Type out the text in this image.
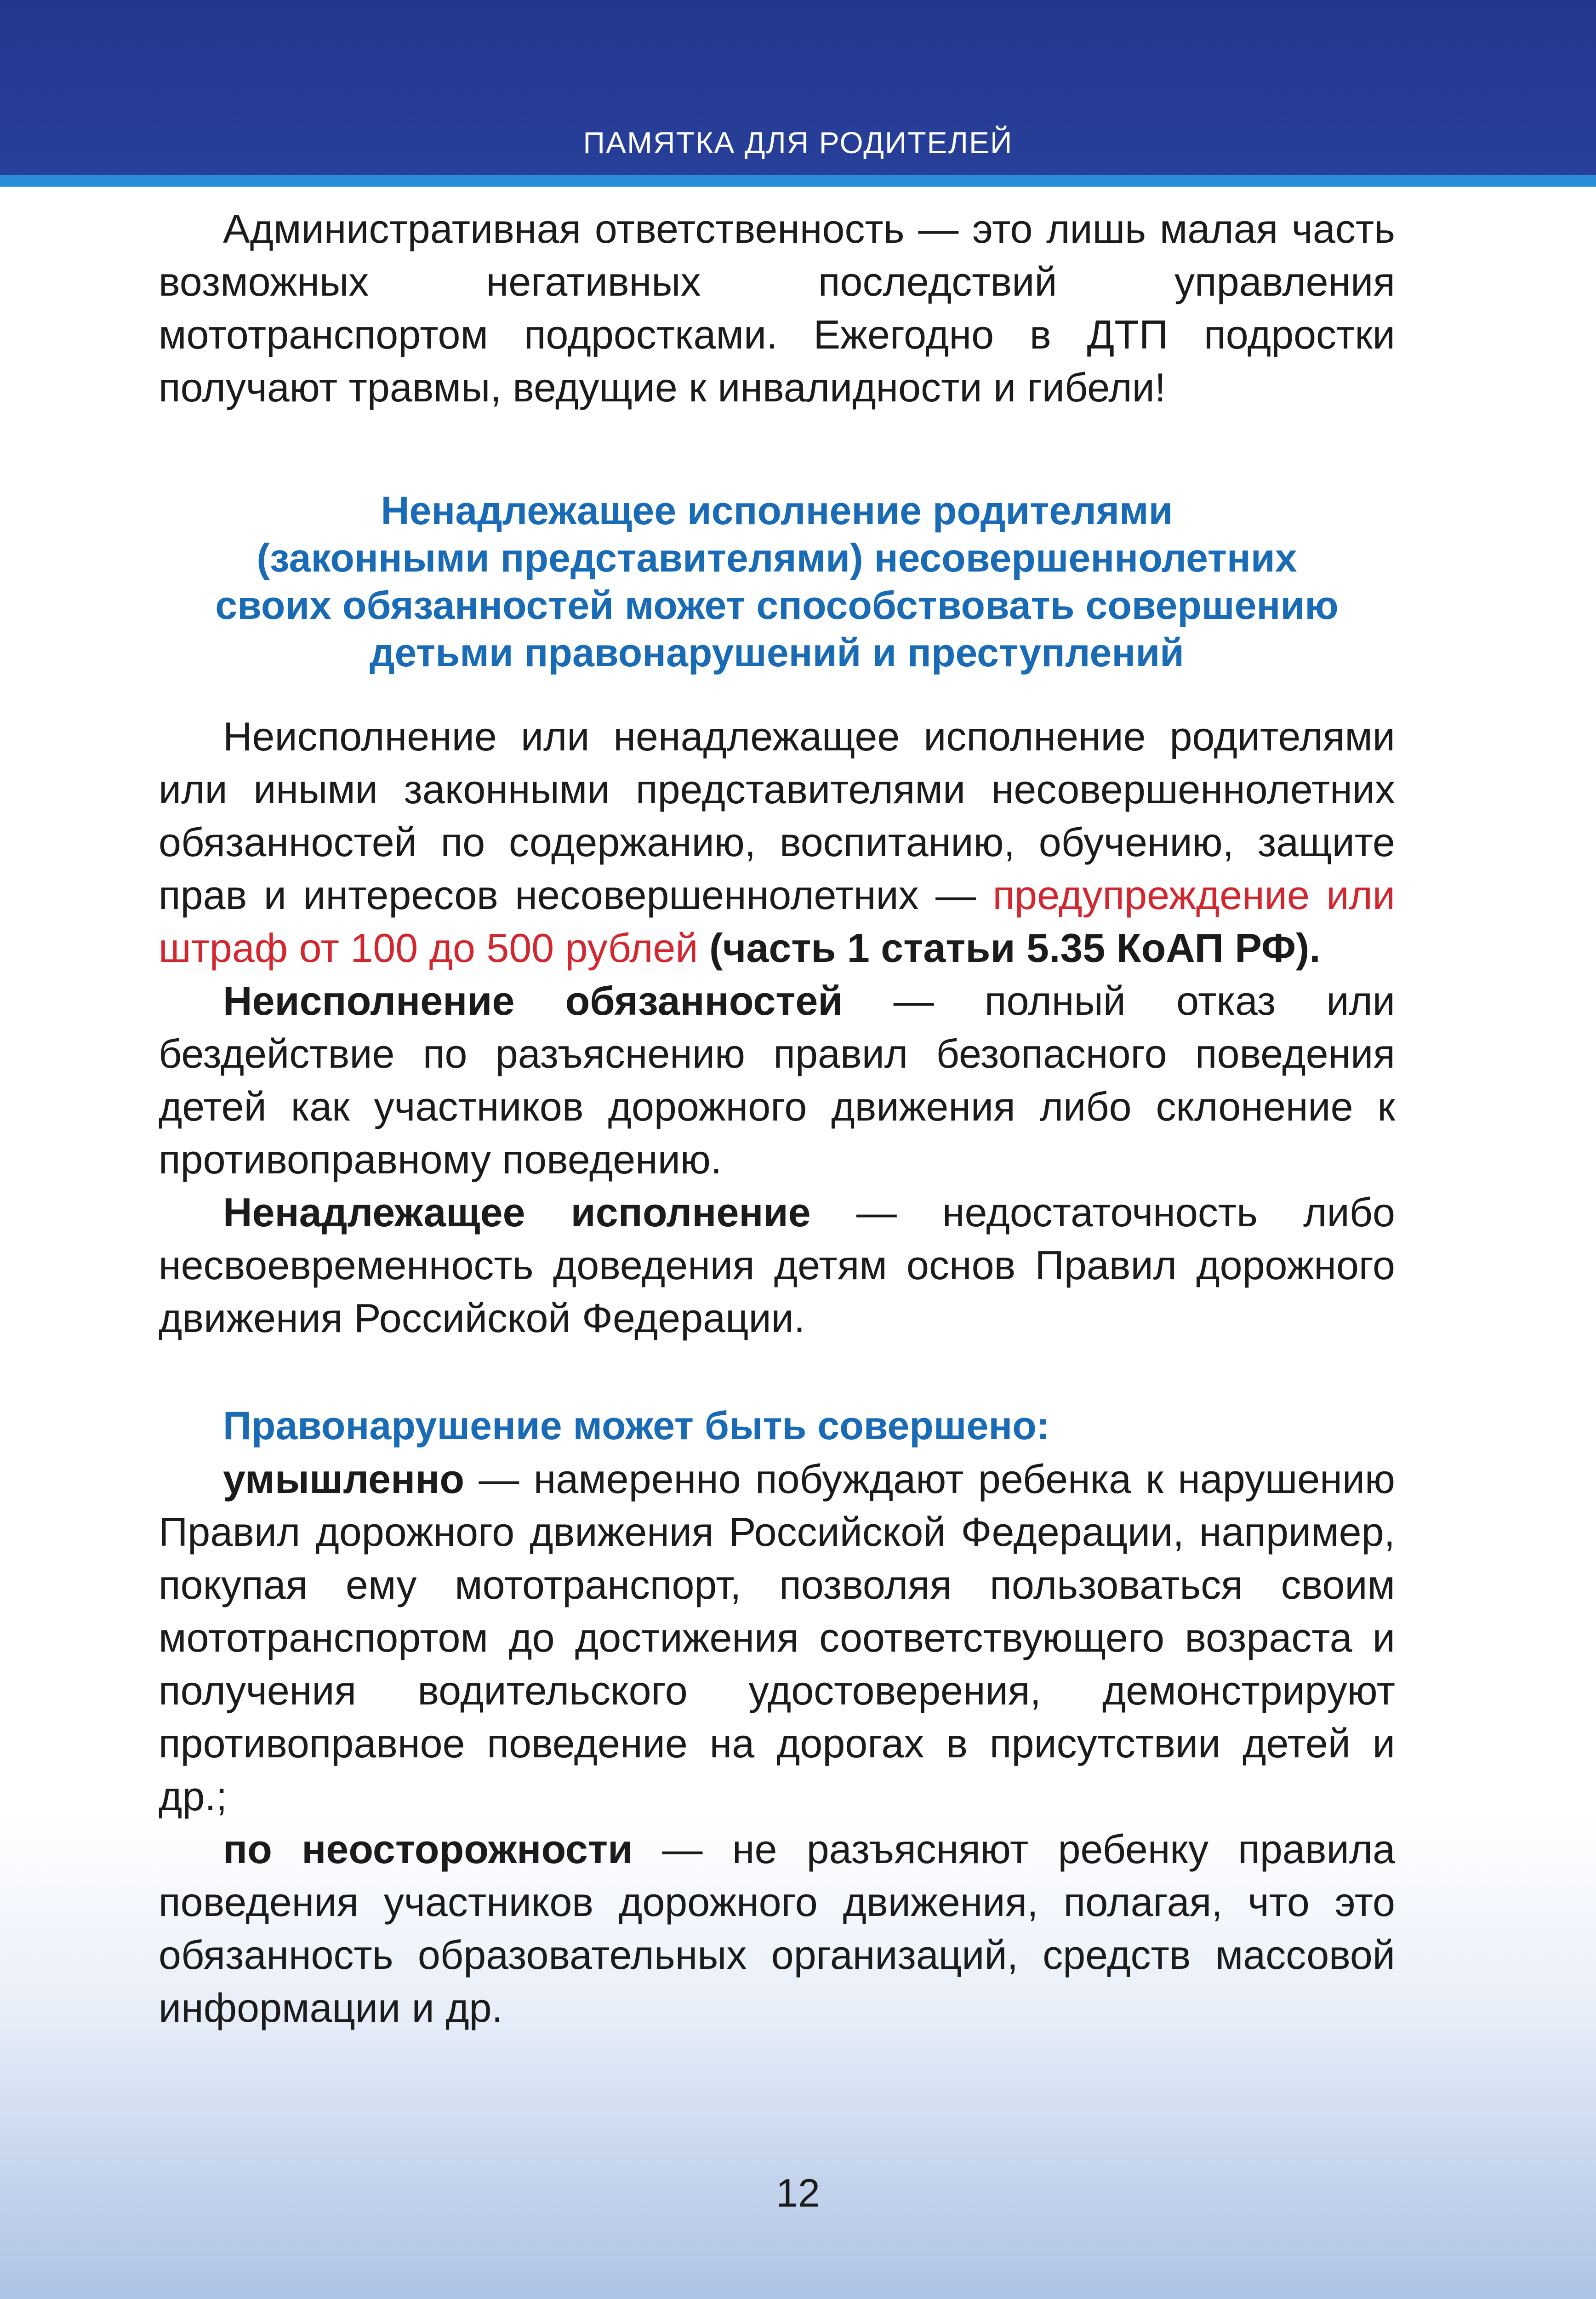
ПАМЯТКА ДЛЯ РОДИТЕЛЕЙ

Административная ответственность — это лишь малая часть возможных негативных последствий управления мототранспортом подростками. Ежегодно в ДТП подростки получают травмы, ведущие к инвалидности и гибели!

Ненадлежащее исполнение родителями

(законными представителями) несовершеннолетних

своих обязанностей может способствовать совершению

детьми правонарушений и преступлений

Неисполнение или ненадлежащее исполнение родителями или иными законными представителями несовершеннолетних обязанностей по содержанию, воспитанию, обучению, защите прав и интересов несовершеннолетних — предупреждение или штраф от 100 до 500 рублей (часть 1 статьи 5.35 КоАП РФ).

Неисполнение обязанностей — полный отказ или бездействие по разъяснению правил безопасного поведения детей как участников дорожного движения либо склонение к противоправному поведению.

Ненадлежащее исполнение — недостаточность либо несвоевременность доведения детям основ Правил дорожного движения Российской Федерации.

Правонарушение может быть совершено:

умышленно — намеренно побуждают ребенка к нарушению Правил дорожного движения Российской Федерации, например, покупая ему мототранспорт, позволяя пользоваться своим мототранспортом до достижения соответствующего возраста и получения водительского удостоверения, демонстрируют противоправное поведение на дорогах в присутствии детей и др.;

по неосторожности — не разъясняют ребенку правила поведения участников дорожного движения, полагая, что это обязанность образовательных организаций, средств массовой информации и др.

12
